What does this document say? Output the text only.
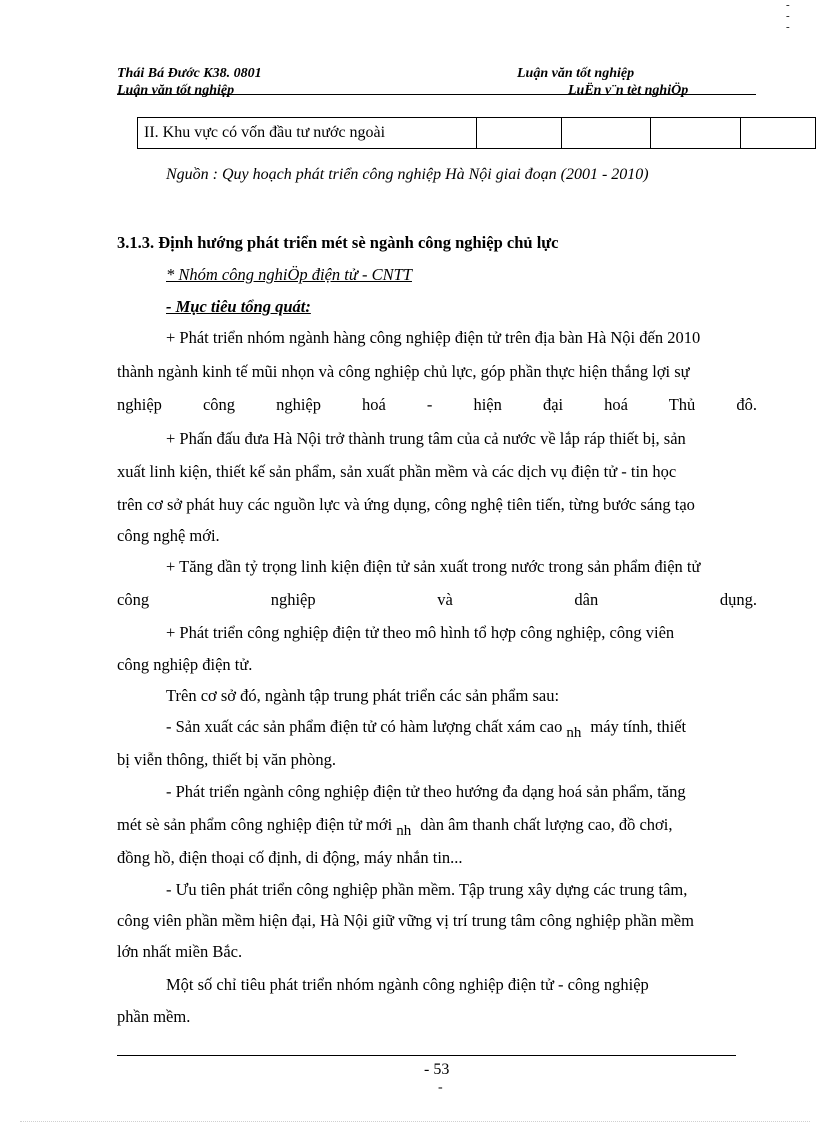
Thái Bá Đước K38. 0801	Luận văn tốt nghiệp
Luận văn tốt nghiệp	LuËn v¨n tèt nghiÖp
-
-
-
II. Khu vực có vốn đầu tư nước ngoài				
Nguồn : Quy hoạch phát triển công nghiệp Hà Nội giai đoạn (2001 - 2010)
3.1.3. Định hướng phát triển mét sè ngành công nghiệp chủ lực
* Nhóm công nghiÖp điện tử - CNTT
- Mục tiêu tổng quát:
+ Phát triển nhóm ngành hàng công nghiệp điện tử trên địa bàn Hà Nội đến 2010
thành ngành kinh tế mũi nhọn và công nghiệp chủ lực, góp phần thực hiện thắng lợi sự
nghiệp công nghiệp hoá - hiện đại hoá Thủ đô.
+ Phấn đấu đưa Hà Nội trở thành trung tâm của cả nước về lắp ráp thiết bị, sản
xuất linh kiện, thiết kế sản phẩm, sản xuất phần mềm và các dịch vụ điện tử - tin học
trên cơ sở phát huy các nguồn lực và ứng dụng, công nghệ tiên tiến, từng bước sáng tạo
công nghệ mới.
+ Tăng dần tỷ trọng linh kiện điện tử sản xuất trong nước trong sản phẩm điện tử
công nghiệp và dân dụng.
+ Phát triển công nghiệp điện tử theo mô hình tổ hợp công nghiệp, công viên
công nghiệp điện tử.
Trên cơ sở đó, ngành tập trung phát triển các sản phẩm sau:
- Sản xuất các sản phẩm điện tử có hàm lượng chất xám cao nh máy tính, thiết
bị viễn thông, thiết bị văn phòng.
- Phát triển ngành công nghiệp điện tử theo hướng đa dạng hoá sản phẩm, tăng
mét sè sản phẩm công nghiệp điện tử mới nh dàn âm thanh chất lượng cao, đồ chơi,
đồng hồ, điện thoại cố định, di động, máy nhắn tin...
- Ưu tiên phát triển công nghiệp phần mềm. Tập trung xây dựng các trung tâm,
công viên phần mềm hiện đại, Hà Nội giữ vững vị trí trung tâm công nghiệp phần mềm
lớn nhất miền Bắc.
Một số chỉ tiêu phát triển nhóm ngành công nghiệp điện tử - công nghiệp
phần mềm.
- 53
-
